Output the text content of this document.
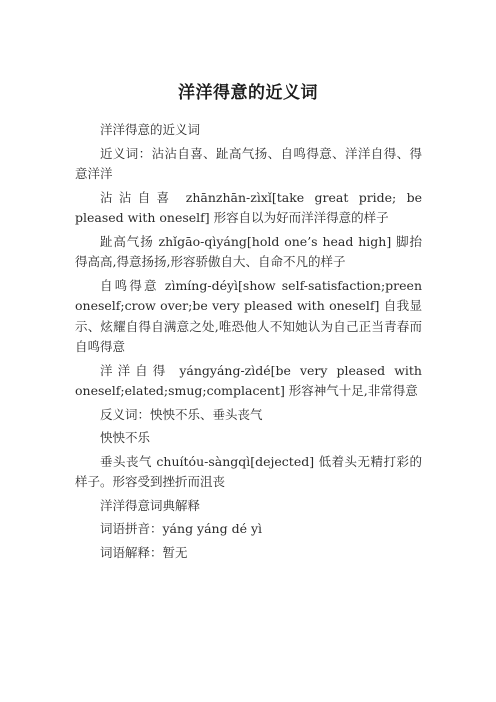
洋洋得意的近义词

洋洋得意的近义词

近义词：沾沾自喜、趾高气扬、自鸣得意、洋洋自得、得意洋洋

沾沾自喜 zhānzhān-zìxǐ[take great pride; be pleased with oneself] 形容自以为好而洋洋得意的样子

趾高气扬 zhǐgāo-qìyáng[hold one’s head high] 脚抬得高高,得意扬扬,形容骄傲自大、自命不凡的样子

自鸣得意 zìmíng-déyì[show self-satisfaction;preen oneself;crow over;be very pleased with oneself] 自我显示、炫耀自得自满意之处,唯恐他人不知她认为自己正当青春而自鸣得意

洋洋自得 yángyáng-zìdé[be very pleased with oneself;elated;smug;complacent] 形容神气十足,非常得意

反义词：怏怏不乐、垂头丧气

怏怏不乐

垂头丧气 chuítóu-sàngqì[dejected] 低着头无精打彩的样子。形容受到挫折而沮丧

洋洋得意词典解释

词语拼音：yáng yáng dé yì

词语解释：暂无
